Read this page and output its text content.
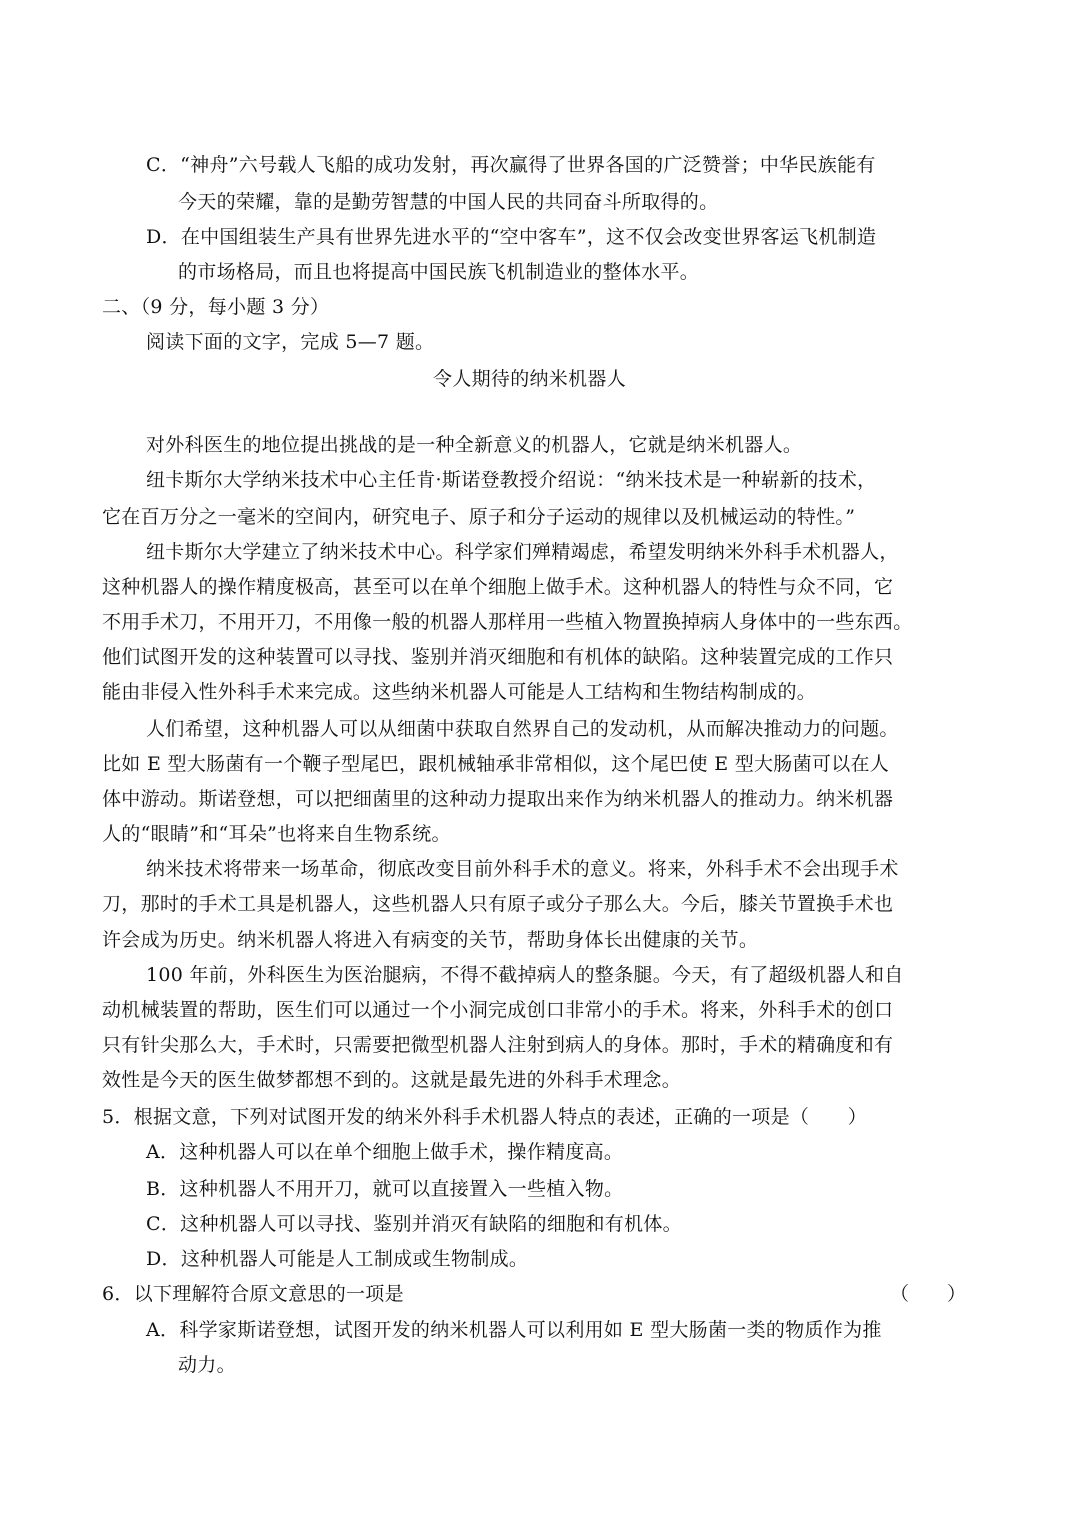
C．“神舟”六号载人飞船的成功发射，再次赢得了世界各国的广泛赞誉；中华民族能有
今天的荣耀，靠的是勤劳智慧的中国人民的共同奋斗所取得的。
D．在中国组装生产具有世界先进水平的“空中客车”，这不仅会改变世界客运飞机制造
的市场格局，而且也将提高中国民族飞机制造业的整体水平。
二、（9 分，每小题 3 分）
阅读下面的文字，完成 5—7 题。
令人期待的纳米机器人
对外科医生的地位提出挑战的是一种全新意义的机器人，它就是纳米机器人。
纽卡斯尔大学纳米技术中心主任肯·斯诺登教授介绍说：“纳米技术是一种崭新的技术，
它在百万分之一毫米的空间内，研究电子、原子和分子运动的规律以及机械运动的特性。”
纽卡斯尔大学建立了纳米技术中心。科学家们殚精竭虑，希望发明纳米外科手术机器人，
这种机器人的操作精度极高，甚至可以在单个细胞上做手术。这种机器人的特性与众不同，它
不用手术刀，不用开刀，不用像一般的机器人那样用一些植入物置换掉病人身体中的一些东西。
他们试图开发的这种装置可以寻找、鉴别并消灭细胞和有机体的缺陷。这种装置完成的工作只
能由非侵入性外科手术来完成。这些纳米机器人可能是人工结构和生物结构制成的。
人们希望，这种机器人可以从细菌中获取自然界自己的发动机，从而解决推动力的问题。
比如 E 型大肠菌有一个鞭子型尾巴，跟机械轴承非常相似，这个尾巴使 E 型大肠菌可以在人
体中游动。斯诺登想，可以把细菌里的这种动力提取出来作为纳米机器人的推动力。纳米机器
人的“眼睛”和“耳朵”也将来自生物系统。
纳米技术将带来一场革命，彻底改变目前外科手术的意义。将来，外科手术不会出现手术
刀，那时的手术工具是机器人，这些机器人只有原子或分子那么大。今后，膝关节置换手术也
许会成为历史。纳米机器人将进入有病变的关节，帮助身体长出健康的关节。
100 年前，外科医生为医治腿病，不得不截掉病人的整条腿。今天，有了超级机器人和自
动机械装置的帮助，医生们可以通过一个小洞完成创口非常小的手术。将来，外科手术的创口
只有针尖那么大，手术时，只需要把微型机器人注射到病人的身体。那时，手术的精确度和有
效性是今天的医生做梦都想不到的。这就是最先进的外科手术理念。
5．根据文意，下列对试图开发的纳米外科手术机器人特点的表述，正确的一项是（　　）
A．这种机器人可以在单个细胞上做手术，操作精度高。
B．这种机器人不用开刀，就可以直接置入一些植入物。
C．这种机器人可以寻找、鉴别并消灭有缺陷的细胞和有机体。
D．这种机器人可能是人工制成或生物制成。
6．以下理解符合原文意思的一项是	（　　）
A．科学家斯诺登想，试图开发的纳米机器人可以利用如 E 型大肠菌一类的物质作为推
动力。
